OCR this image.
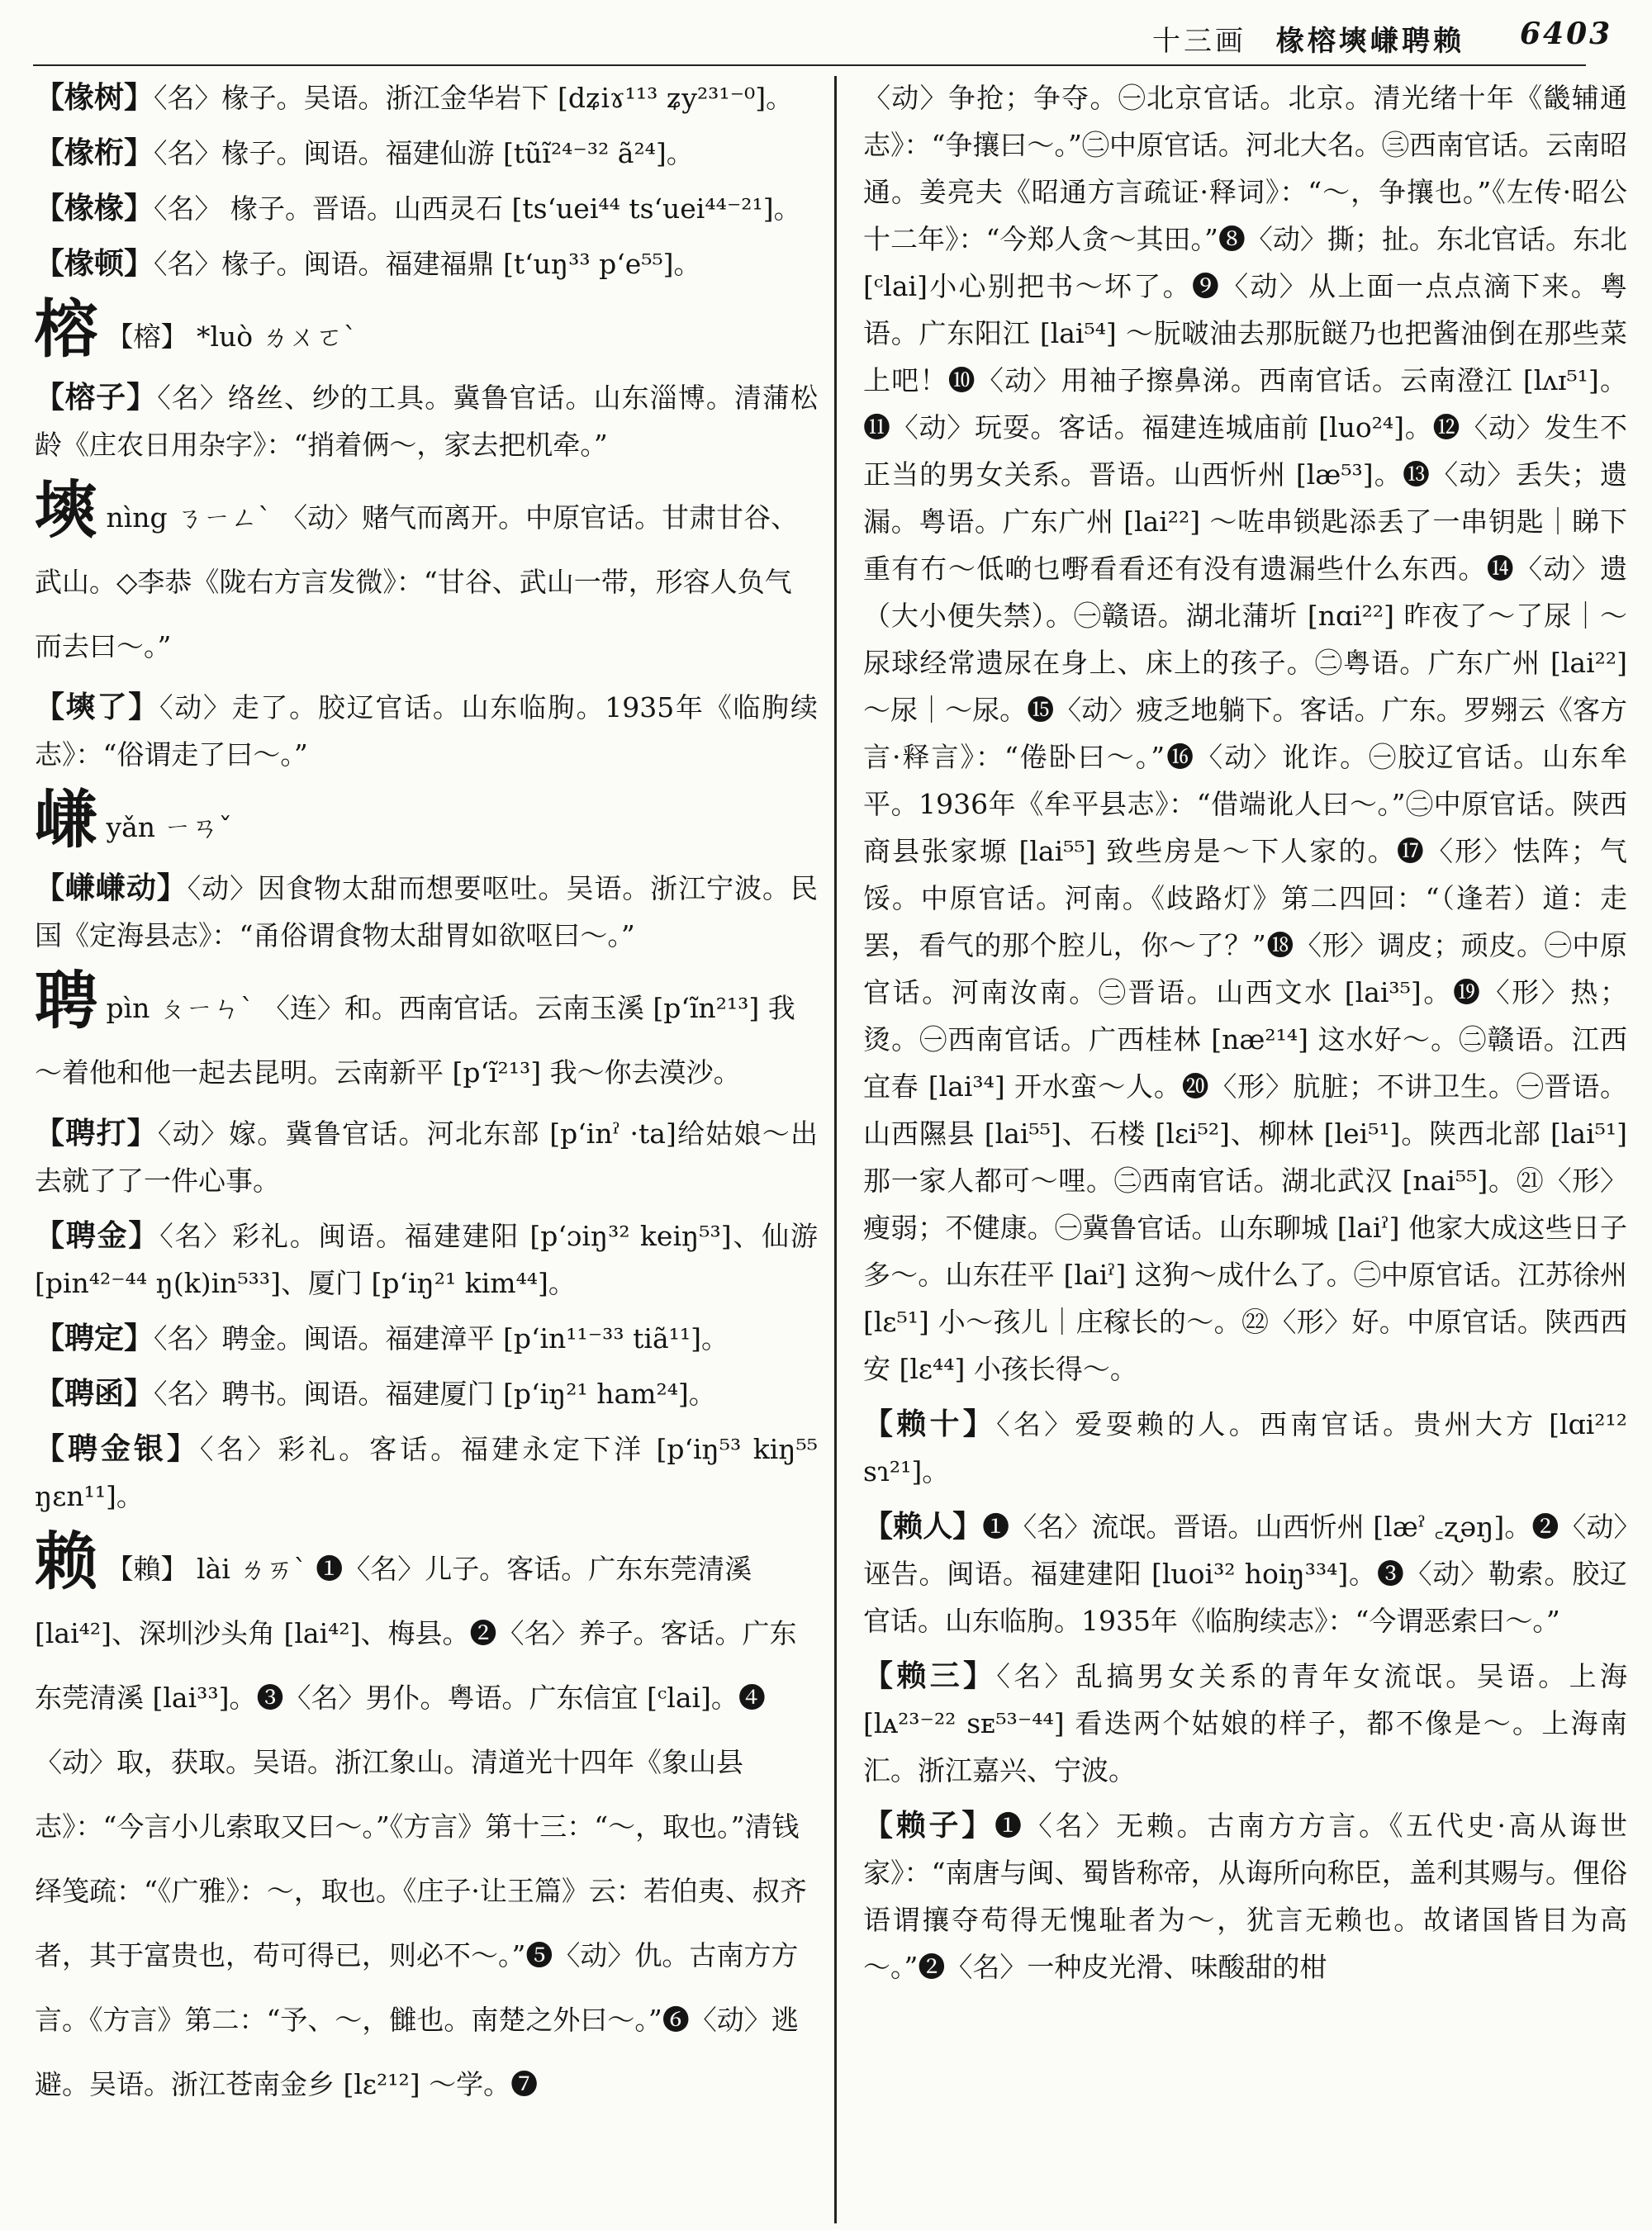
十三画 椽榕塽嵰聘赖 6403

【椽树】〈名〉椽子。吴语。浙江金华岩下 [dʑiɤ¹¹³ ʑy²³¹⁻⁰]。

【椽桁】〈名〉椽子。闽语。福建仙游 [tũĩ²⁴⁻³² ã²⁴]。

【椽椽】〈名〉 椽子。晋语。山西灵石 [tsʻuei⁴⁴ tsʻuei⁴⁴⁻²¹]。

【椽顿】〈名〉椽子。闽语。福建福鼎 [tʻuŋ³³ pʻe⁵⁵]。

榕 【榕】 *luò ㄌㄨㄛˋ

【榕子】〈名〉络丝、纱的工具。冀鲁官话。山东淄博。清蒲松龄《庄农日用杂字》：“捎着俩～，家去把机牵。”

塽 nìng ㄋㄧㄥˋ 〈动〉赌气而离开。中原官话。甘肃甘谷、武山。◇李恭《陇右方言发微》：“甘谷、武山一带，形容人负气而去曰～。”

【塽了】〈动〉走了。胶辽官话。山东临朐。1935年《临朐续志》：“俗谓走了曰～。”

嵰 yǎn ㄧㄢˇ

【嵰嵰动】〈动〉因食物太甜而想要呕吐。吴语。浙江宁波。民国《定海县志》：“甬俗谓食物太甜胃如欲呕曰～。”

聘 pìn ㄆㄧㄣˋ 〈连〉和。西南官话。云南玉溪 [pʻĩn²¹³] 我～着他和他一起去昆明。云南新平 [pʻĩ²¹³] 我～你去漠沙。

【聘打】〈动〉嫁。冀鲁官话。河北东部 [pʻinˀ ·ta]给姑娘～出去就了了一件心事。

【聘金】〈名〉彩礼。闽语。福建建阳 [pʻɔiŋ³² keiŋ⁵³]、仙游 [pin⁴²⁻⁴⁴ ŋ(k)in⁵³³]、厦门 [pʻiŋ²¹ kim⁴⁴]。

【聘定】〈名〉聘金。闽语。福建漳平 [pʻin¹¹⁻³³ tiã¹¹]。

【聘函】〈名〉聘书。闽语。福建厦门 [pʻiŋ²¹ ham²⁴]。

【聘金银】〈名〉彩礼。客话。福建永定下洋 [pʻiŋ⁵³ kiŋ⁵⁵ ŋɛn¹¹]。

赖 【賴】 lài ㄌㄞˋ ❶〈名〉儿子。客话。广东东莞清溪 [lai⁴²]、深圳沙头角 [lai⁴²]、梅县。❷〈名〉养子。客话。广东东莞清溪 [lai³³]。❸〈名〉男仆。粤语。广东信宜 [ᶜlai]。❹〈动〉取，获取。吴语。浙江象山。清道光十四年《象山县志》：“今言小儿索取又曰～。”《方言》第十三：“～，取也。”清钱绎笺疏：“《广雅》：～，取也。《庄子·让王篇》云：若伯夷、叔齐者，其于富贵也，苟可得已，则必不～。”❺〈动〉仇。古南方方言。《方言》第二：“予、～，雠也。南楚之外曰～。”❻〈动〉逃避。吴语。浙江苍南金乡 [lɛ²¹²] ～学。❼

〈动〉争抢；争夺。㊀北京官话。北京。清光绪十年《畿辅通志》：“争攘曰～。”㊁中原官话。河北大名。㊂西南官话。云南昭通。姜亮夫《昭通方言疏证·释词》：“～，争攘也。”《左传·昭公十二年》：“今郑人贪～其田。”❽〈动〉撕；扯。东北官话。东北 [ᶜlai]小心别把书～坏了。❾〈动〉从上面一点点滴下来。粤语。广东阳江 [lai⁵⁴] ～朊啵油去那朊餸乃也把酱油倒在那些菜上吧！❿〈动〉用袖子擦鼻涕。西南官话。云南澄江 [lʌɪ⁵¹]。⓫〈动〉玩耍。客话。福建连城庙前 [luo²⁴]。⓬〈动〉发生不正当的男女关系。晋语。山西忻州 [læ⁵³]。⓭〈动〉丢失；遗漏。粤语。广东广州 [lai²²] ～咗串锁匙添丢了一串钥匙｜睇下重有冇～低啲乜嘢看看还有没有遗漏些什么东西。⓮〈动〉遗（大小便失禁）。㊀赣语。湖北蒲圻 [nɑi²²] 昨夜了～了尿｜～尿球经常遗尿在身上、床上的孩子。㊁粤语。广东广州 [lai²²] ～尿｜～尿。⓯〈动〉疲乏地躺下。客话。广东。罗翙云《客方言·释言》：“倦卧曰～。”⓰〈动〉讹诈。㊀胶辽官话。山东牟平。1936年《牟平县志》：“借端讹人曰～。”㊁中原官话。陕西商县张家塬 [lai⁵⁵] 致些房是～下人家的。⓱〈形〉怯阵；气馁。中原官话。河南。《歧路灯》第二四回：“（逢若）道：走罢，看气的那个腔儿，你～了？”⓲〈形〉调皮；顽皮。㊀中原官话。河南汝南。㊁晋语。山西文水 [lai³⁵]。⓳〈形〉热；烫。㊀西南官话。广西桂林 [næ²¹⁴] 这水好～。㊁赣语。江西宜春 [lai³⁴] 开水蛮～人。⓴〈形〉肮脏；不讲卫生。㊀晋语。山西隰县 [lai⁵⁵]、石楼 [lɛi⁵²]、柳林 [lei⁵¹]。陕西北部 [lai⁵¹] 那一家人都可～哩。㊁西南官话。湖北武汉 [nai⁵⁵]。㉑〈形〉瘦弱；不健康。㊀冀鲁官话。山东聊城 [laiˀ] 他家大成这些日子多～。山东茌平 [laiˀ] 这狗～成什么了。㊁中原官话。江苏徐州 [lɛ⁵¹] 小～孩儿｜庄稼长的～。㉒〈形〉好。中原官话。陕西西安 [lɛ⁴⁴] 小孩长得～。

【赖十】〈名〉爱耍赖的人。西南官话。贵州大方 [lɑi²¹² sɿ²¹]。

【赖人】❶〈名〉流氓。晋语。山西忻州 [læˀ ꜀ʐəŋ]。❷〈动〉诬告。闽语。福建建阳 [luoi³² hoiŋ³³⁴]。❸〈动〉勒索。胶辽官话。山东临朐。1935年《临朐续志》：“今谓恶索曰～。”

【赖三】〈名〉乱搞男女关系的青年女流氓。吴语。上海 [lᴀ²³⁻²² sᴇ⁵³⁻⁴⁴] 看迭两个姑娘的样子，都不像是～。上海南汇。浙江嘉兴、宁波。

【赖子】❶〈名〉无赖。古南方方言。《五代史·高从诲世家》：“南唐与闽、蜀皆称帝，从诲所向称臣，盖利其赐与。俚俗语谓攘夺苟得无愧耻者为～，犹言无赖也。故诸国皆目为高～。”❷〈名〉一种皮光滑、味酸甜的柑
